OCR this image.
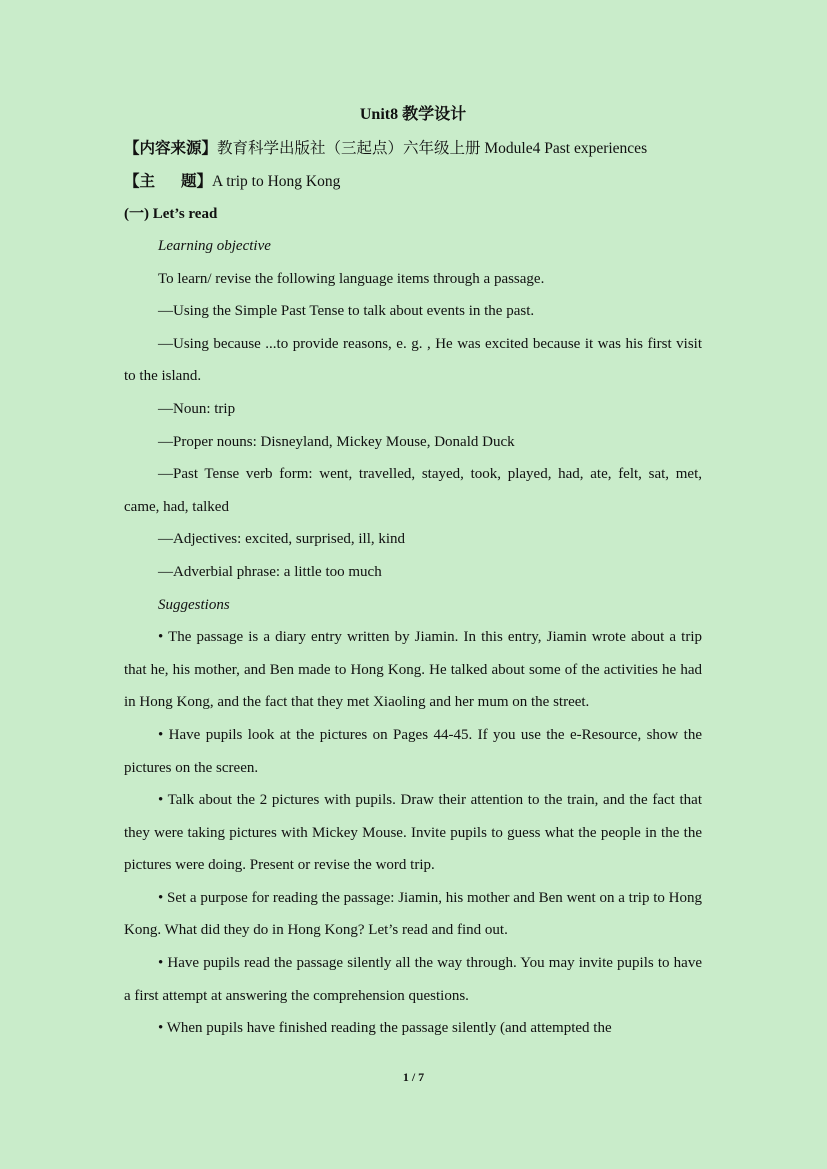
Unit8 教学设计
【内容来源】教育科学出版社（三起点）六年级上册 Module4 Past experiences
【主 题】A trip to Hong Kong
(一) Let’s read
Learning objective

To learn/ revise the following language items through a passage.

—Using the Simple Past Tense to talk about events in the past.

—Using because ...to provide reasons, e. g. , He was excited because it was his first visit to the island.

—Noun: trip

—Proper nouns: Disneyland, Mickey Mouse, Donald Duck

—Past Tense verb form: went, travelled, stayed, took, played, had, ate, felt, sat, met, came, had, talked

—Adjectives: excited, surprised, ill, kind

—Adverbial phrase: a little too much

Suggestions

• The passage is a diary entry written by Jiamin. In this entry, Jiamin wrote about a trip that he, his mother, and Ben made to Hong Kong. He talked about some of the activities he had in Hong Kong, and the fact that they met Xiaoling and her mum on the street.

• Have pupils look at the pictures on Pages 44-45. If you use the e-Resource, show the pictures on the screen.

• Talk about the 2 pictures with pupils. Draw their attention to the train, and the fact that they were taking pictures with Mickey Mouse. Invite pupils to guess what the people in the the pictures were doing. Present or revise the word trip.

• Set a purpose for reading the passage: Jiamin, his mother and Ben went on a trip to Hong Kong. What did they do in Hong Kong? Let’s read and find out.

• Have pupils read the passage silently all the way through. You may invite pupils to have a first attempt at answering the comprehension questions.

• When pupils have finished reading the passage silently (and attempted the

1 / 7
